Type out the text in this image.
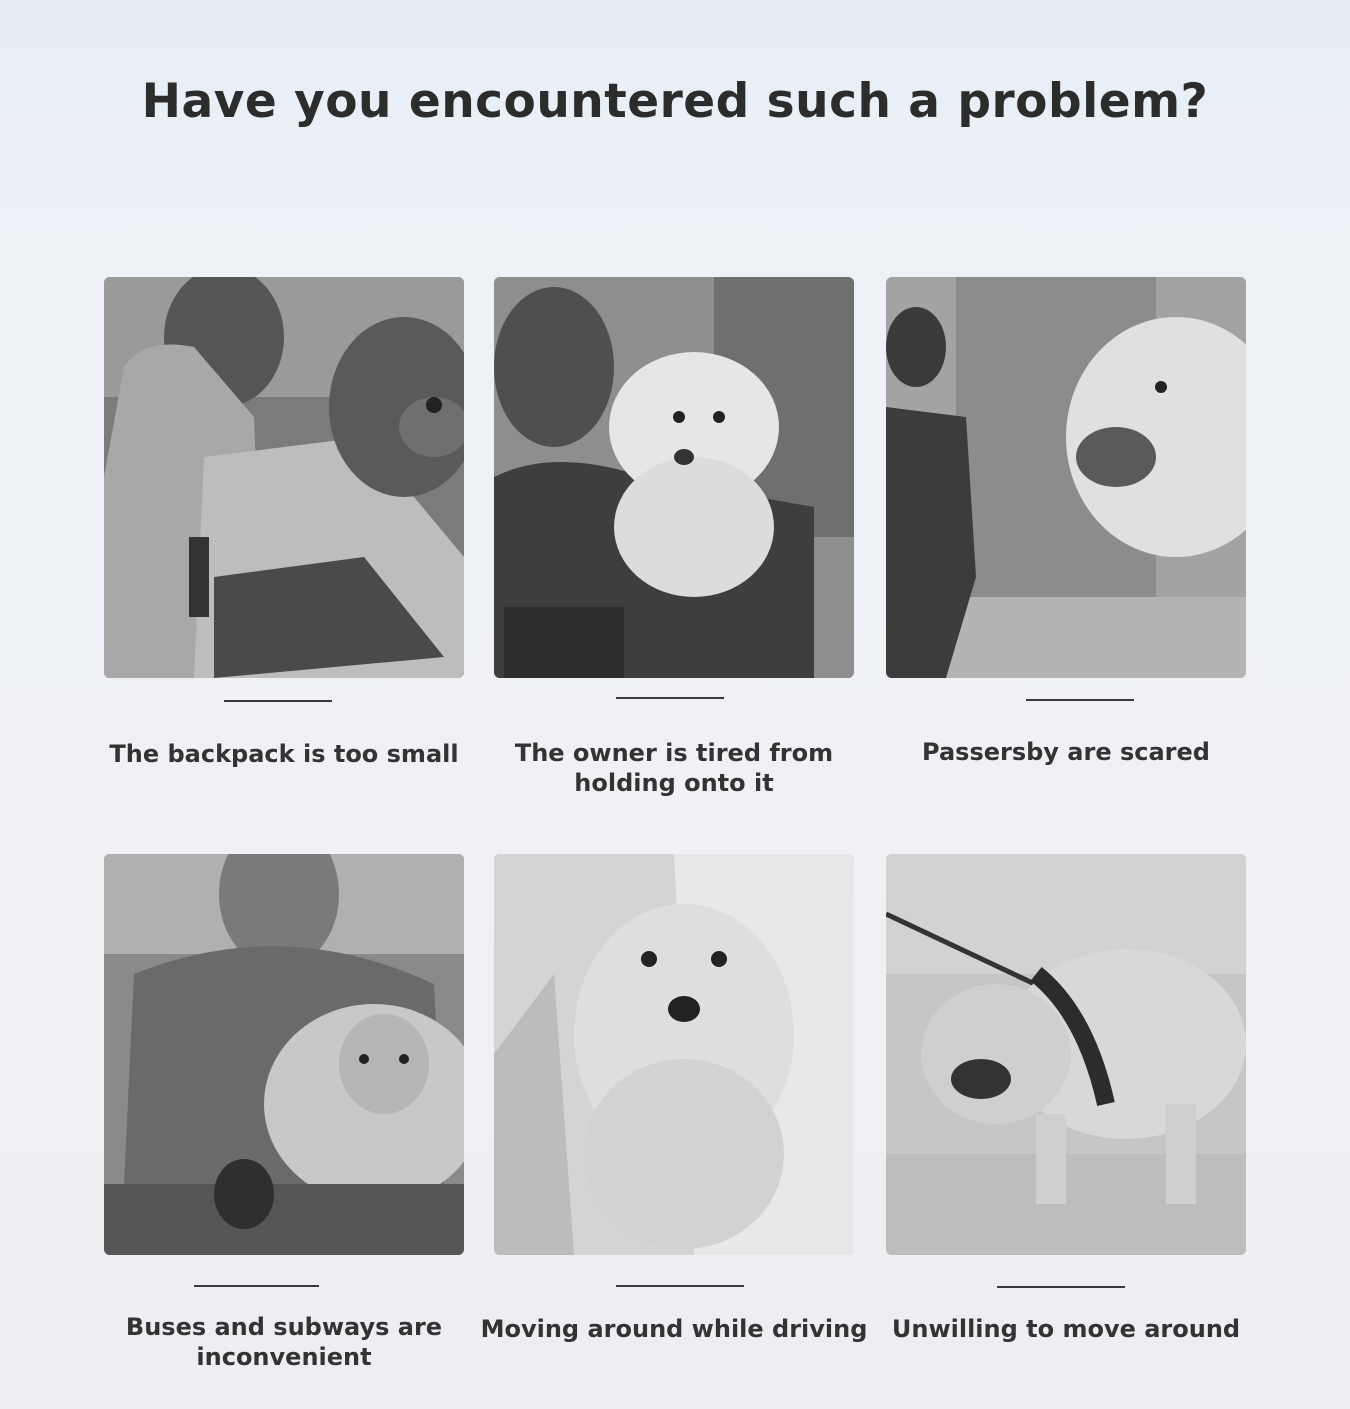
Have you encountered such a problem?
The backpack is too small	The owner is tired from holding onto it
Passersby are scared
Buses and subways are inconvenient
Moving around while driving	Unwilling to move around
